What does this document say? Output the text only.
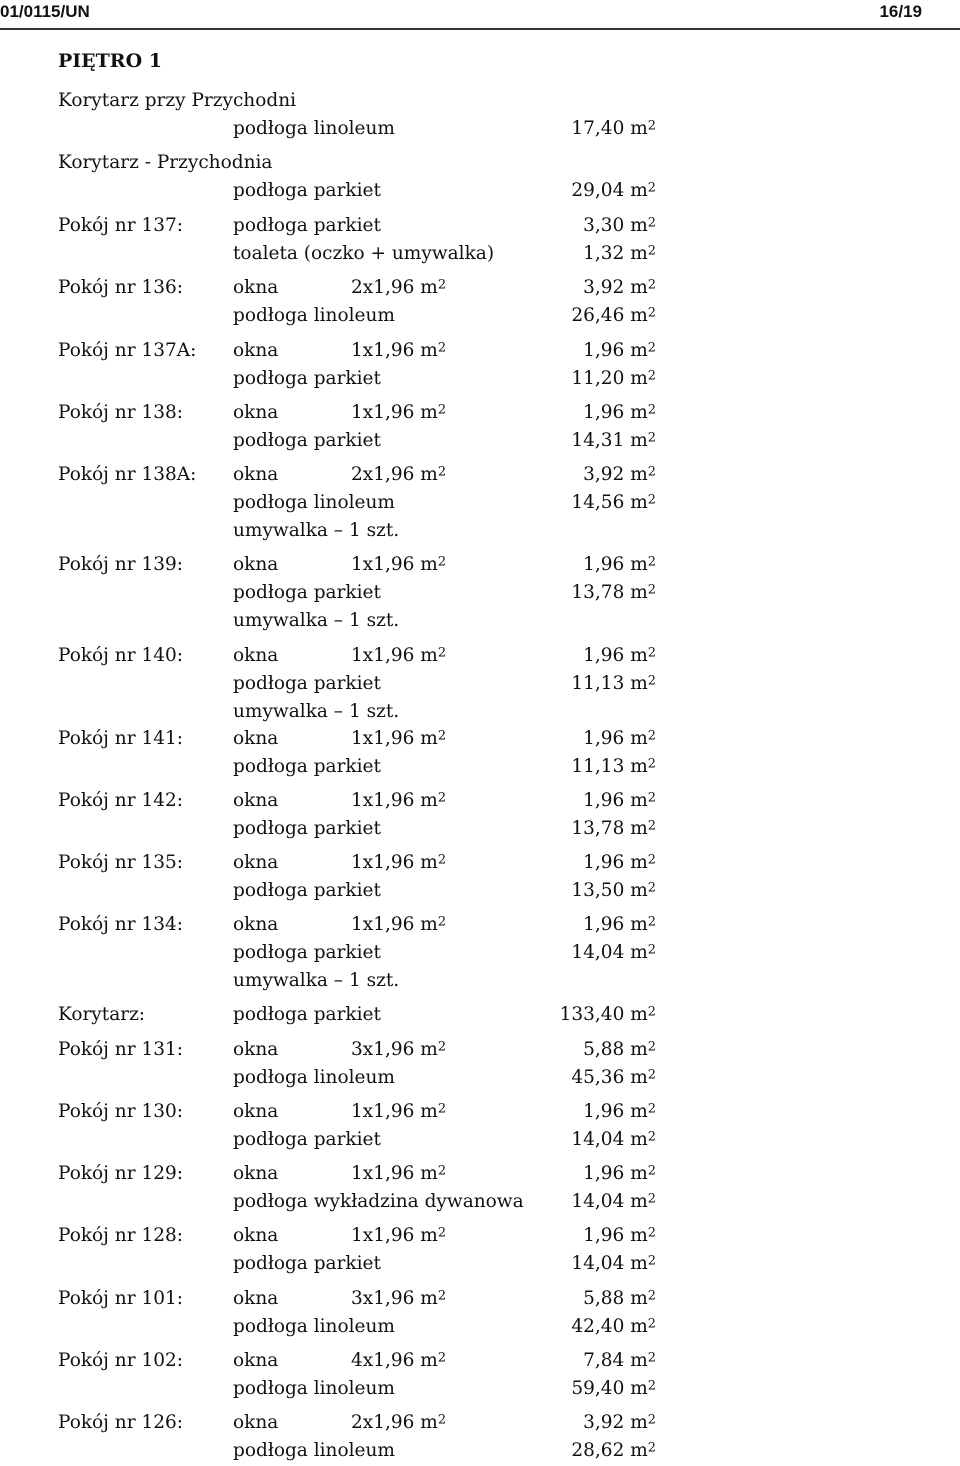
01/0115/UN	16/19
PIĘTRO 1
Korytarz przy Przychodni
podłoga linoleum	17,40 $m^2$
Korytarz - Przychodnia
podłoga parkiet	29,04 $m^2$
Pokój nr 137:	podłoga parkiet	3,30 $m^2$
toaleta (oczko + umywalka)	1,32 $m^2$
Pokój nr 136:	okna	2x1,96 $m^2$	3,92 $m^2$
podłoga linoleum	26,46 $m^2$
Pokój nr 137A: okna	1x1,96 $m^2$	1,96 $m^2$
podłoga parkiet	11,20 $m^2$
Pokój nr 138:	okna	1x1,96 $m^2$	1,96 $m^2$
podłoga parkiet	14,31 $m^2$
Pokój nr 138A: okna	2x1,96 $m^2$	3,92 $m^2$
podłoga linoleum	14,56 $m^2$
umywalka – 1 szt.
Pokój nr 139:	okna	1x1,96 $m^2$	1,96 $m^2$
podłoga parkiet	13,78 $m^2$
umywalka – 1 szt.
Pokój nr 140:	okna	1x1,96 $m^2$	1,96 $m^2$
podłoga parkiet	11,13 $m^2$
umywalka – 1 szt.
Pokój nr 141:	okna	1x1,96 $m^2$	1,96 $m^2$
podłoga parkiet	11,13 $m^2$
Pokój nr 142:	okna	1x1,96 $m^2$	1,96 $m^2$
podłoga parkiet	13,78 $m^2$
Pokój nr 135:	okna	1x1,96 $m^2$	1,96 $m^2$
podłoga parkiet	13,50 $m^2$
Pokój nr 134:	okna	1x1,96 $m^2$	1,96 $m^2$
podłoga parkiet	14,04 $m^2$
umywalka – 1 szt.
Korytarz:	podłoga parkiet	133,40 $m^2$
Pokój nr 131:	okna	3x1,96 $m^2$	5,88 $m^2$
podłoga linoleum	45,36 $m^2$
Pokój nr 130:	okna	1x1,96 $m^2$	1,96 $m^2$
podłoga parkiet	14,04 $m^2$
Pokój nr 129:	okna	1x1,96 $m^2$	1,96 $m^2$
podłoga wykładzina dywanowa	14,04 $m^2$
Pokój nr 128:	okna	1x1,96 $m^2$	1,96 $m^2$
podłoga parkiet	14,04 $m^2$
Pokój nr 101:	okna	3x1,96 $m^2$	5,88 $m^2$
podłoga linoleum	42,40 $m^2$
Pokój nr 102:	okna	4x1,96 $m^2$	7,84 $m^2$
podłoga linoleum	59,40 $m^2$
Pokój nr 126:	okna	2x1,96 $m^2$	3,92 $m^2$
podłoga linoleum	28,62 $m^2$
